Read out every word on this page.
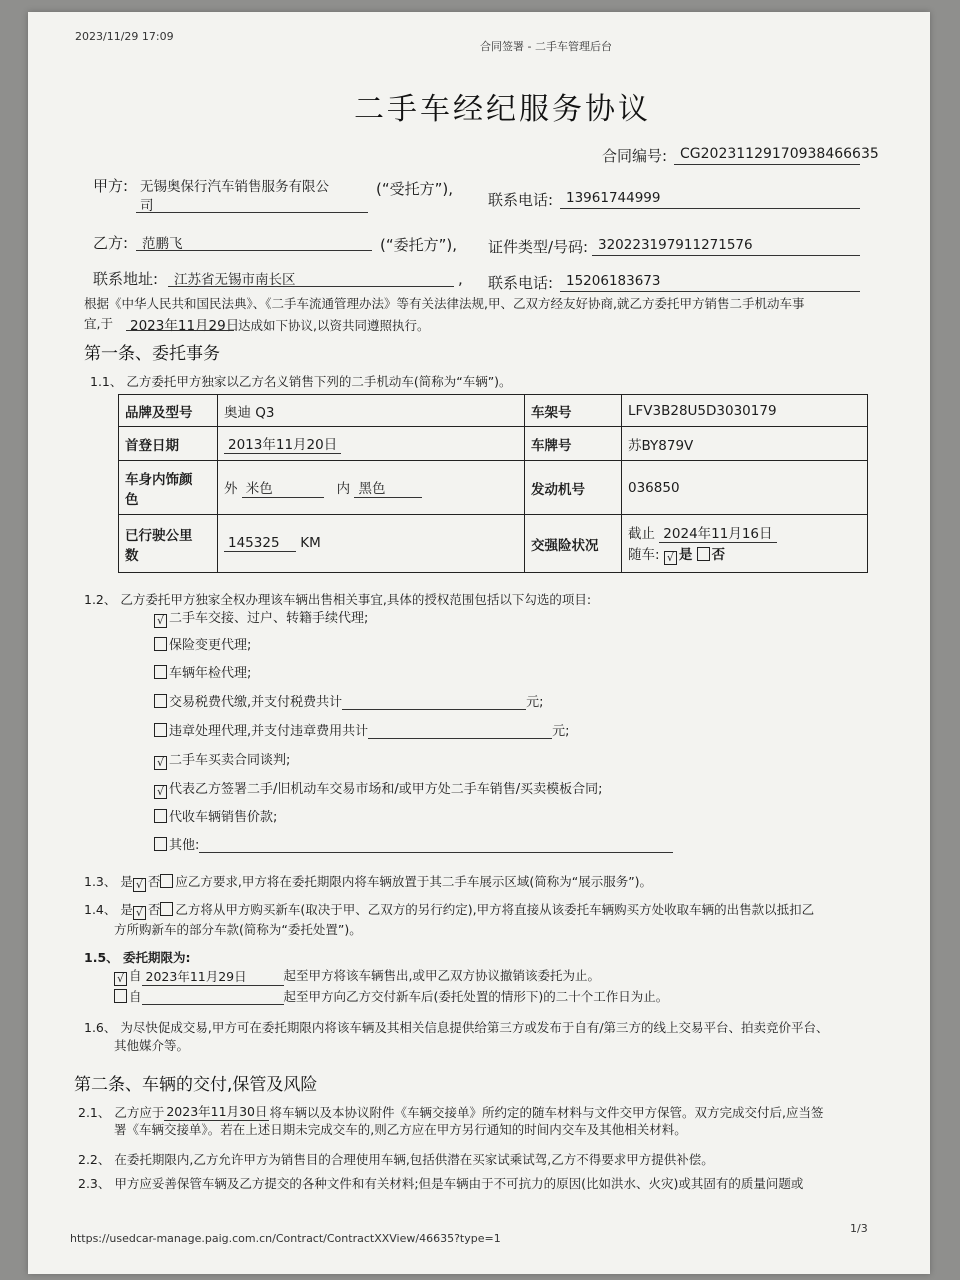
2023/11/29 17:09
合同签署 - 二手车管理后台
二手车经纪服务协议
合同编号: CG20231129170938466635
甲方: 无锡奥保行汽车销售服务有限公
司
(“受托方”),
联系电话: 13961744999
乙方: 范鹏飞	(“委托方”), 证件类型/号码: 320223197911271576
联系地址: 江苏省无锡市南长区	, 联系电话: 15206183673
根据《中华人民共和国民法典》、《二手车流通管理办法》等有关法律法规,甲、乙双方经友好协商,就乙方委托甲方销售二手机动车事
宜,于 2023年11月29日
达成如下协议,以资共同遵照执行。
第一条、委托事务
1.1、 乙方委托甲方独家以乙方名义销售下列的二手机动车(简称为“车辆”)。
品牌及型号	奥迪 Q3	车架号	LFV3B28U5D3030179
首登日期	2013年11月20日	车牌号	苏BY879V
车身内饰颜
色	外 米色 内 黑色	发动机号	036850
已行驶公里
数	145325 KM	交强险状况	截止 2024年11月16日
随车: √ 是 否
1.2、 乙方委托甲方独家全权办理该车辆出售相关事宜,具体的授权范围包括以下勾选的项目:
√ 二手车交接、过户、转籍手续代理;
保险变更代理;
车辆年检代理;
交易税费代缴,并支付税费共计	元;
违章处理代理,并支付违章费用共计	元;
√ 二手车买卖合同谈判;
√ 代表乙方签署二手/旧机动车交易市场和/或甲方处二手车销售/买卖模板合同;
代收车辆销售价款;
其他:
1.3、 是 √ 否 应乙方要求,甲方将在委托期限内将车辆放置于其二手车展示区域(简称为“展示服务”)。
1.4、 是 √ 否 乙方将从甲方购买新车(取决于甲、乙双方的另行约定),甲方将直接从该委托车辆购买方处收取车辆的出售款以抵扣乙
方所购新车的部分车款(简称为“委托处置”)。
1.5、 委托期限为:
√ 自 2023年11月29日	起至甲方将该车辆售出,或甲乙双方协议撤销该委托为止。
自	起至甲方向乙方交付新车后(委托处置的情形下)的二十个工作日为止。
1.6、 为尽快促成交易,甲方可在委托期限内将该车辆及其相关信息提供给第三方或发布于自有/第三方的线上交易平台、拍卖竞价平台、
其他媒介等。
第二条、车辆的交付,保管及风险
2.1、 乙方应于 2023年11月30日 将车辆以及本协议附件《车辆交接单》所约定的随车材料与文件交甲方保管。双方完成交付后,应当签
署《车辆交接单》。若在上述日期未完成交车的,则乙方应在甲方另行通知的时间内交车及其他相关材料。
2.2、 在委托期限内,乙方允许甲方为销售目的合理使用车辆,包括供潜在买家试乘试驾,乙方不得要求甲方提供补偿。
2.3、 甲方应妥善保管车辆及乙方提交的各种文件和有关材料;但是车辆由于不可抗力的原因(比如洪水、火灾)或其固有的质量问题或
https://usedcar-manage.paig.com.cn/Contract/ContractXXView/46635?type=1
1/3
